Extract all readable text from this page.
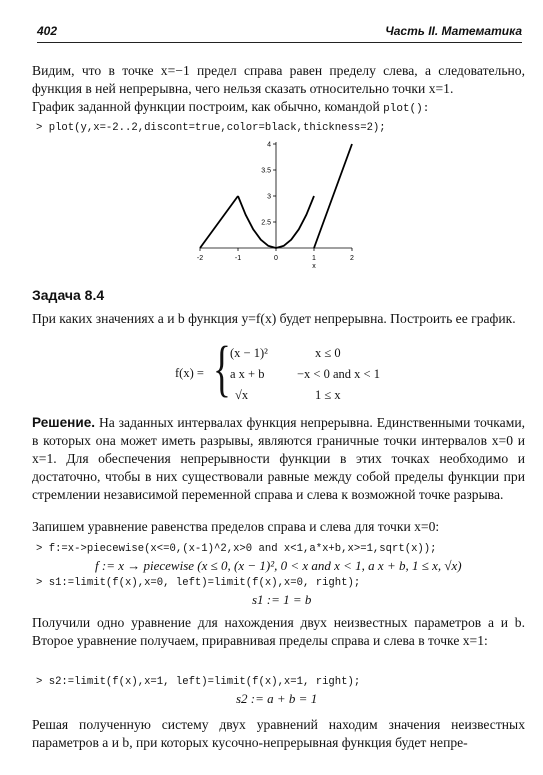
402	Часть II. Математика
Видим, что в точке x=−1 предел справа равен пределу слева, а следовательно, функция в ней непрерывна, чего нельзя сказать относительно точки x=1.
График заданной функции построим, как обычно, командой plot():
> plot(y,x=-2..2,discont=true,color=black,thickness=2);
-2	-1	0	1	2
4
3.5
3
2.5
x
Задача 8.4
При каких значениях a и b функция y=f(x) будет непрерывна. Построить ее график.
f(x) = { (x − 1)²	x ≤ 0
a x + b	−x < 0 and x < 1
√x	1 ≤ x
Решение. На заданных интервалах функция непрерывна. Единственными точками, в которых она может иметь разрывы, являются граничные точки интервалов x=0 и x=1. Для обеспечения непрерывности функции в этих точках необходимо и достаточно, чтобы в них существовали равные между собой пределы функции при стремлении независимой переменной справа и слева к возможной точке разрыва.
Запишем уравнение равенства пределов справа и слева для точки x=0:
> f:=x->piecewise(x<=0,(x-1)^2,x>0 and x<1,a*x+b,x>=1,sqrt(x));
f := x → piecewise (x ≤ 0, (x − 1)², 0 < x and x < 1, a x + b, 1 ≤ x, √x)
> s1:=limit(f(x),x=0, left)=limit(f(x),x=0, right);
s1 := 1 = b
Получили одно уравнение для нахождения двух неизвестных параметров a и b. Второе уравнение получаем, приравнивая пределы справа и слева в точке x=1:
> s2:=limit(f(x),x=1, left)=limit(f(x),x=1, right);
s2 := a + b = 1
Решая полученную систему двух уравнений находим значения неизвестных параметров a и b, при которых кусочно-непрерывная функция будет непре-
